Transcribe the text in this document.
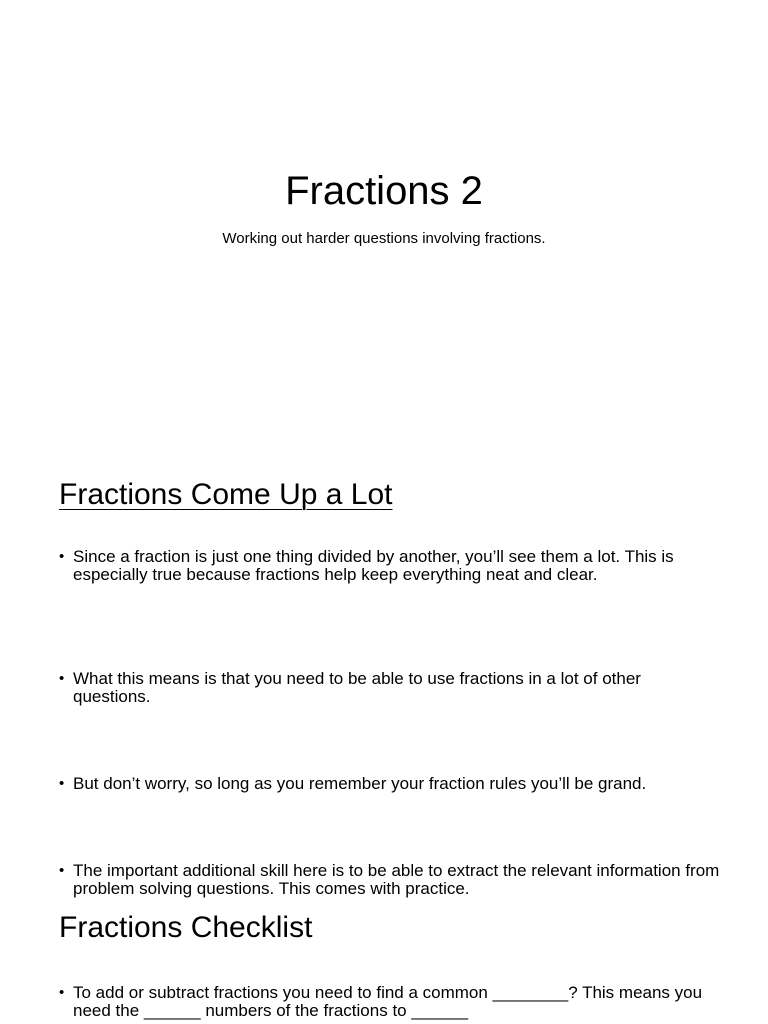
Fractions 2
Working out harder questions involving fractions.
Fractions Come Up a Lot
• Since a fraction is just one thing divided by another, you’ll see them a lot. This is especially true because fractions help keep everything neat and clear.
• What this means is that you need to be able to use fractions in a lot of other questions.
• But don’t worry, so long as you remember your fraction rules you’ll be grand.
• The important additional skill here is to be able to extract the relevant information from problem solving questions. This comes with practice.
Fractions Checklist
• To add or subtract fractions you need to find a common ________? This means you need the ______ numbers of the fractions to ______
